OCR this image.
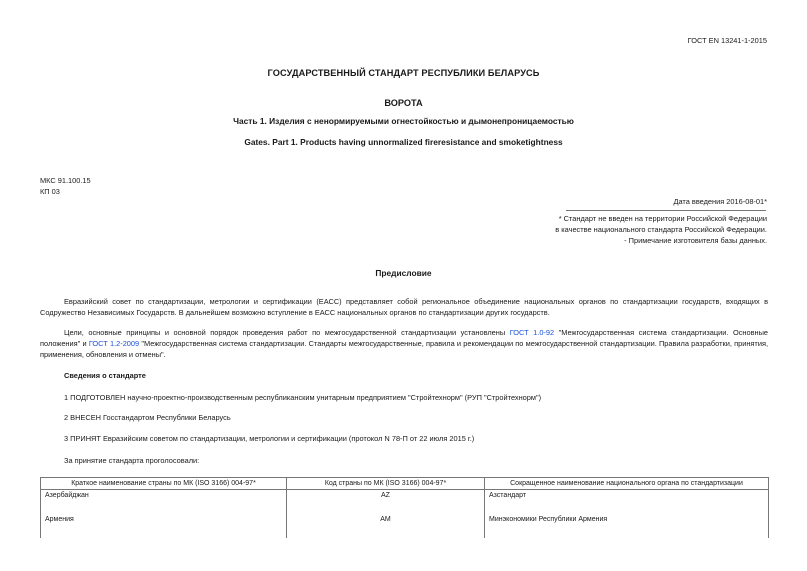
ГОСТ EN 13241-1-2015
ГОСУДАРСТВЕННЫЙ СТАНДАРТ РЕСПУБЛИКИ БЕЛАРУСЬ
ВОРОТА
Часть 1. Изделия с ненормируемыми огнестойкостью и дымонепроницаемостью
Gates. Part 1. Products having unnormalized fireresistance and smoketightness
МКС 91.100.15
КП 03
Дата введения 2016-08-01*
* Стандарт не введен на территории Российской Федерации
в качестве национального стандарта Российской Федерации.
- Примечание изготовителя базы данных.
Предисловие
Евразийский совет по стандартизации, метрологии и сертификации (ЕАСС) представляет собой региональное объединение национальных органов по стандартизации государств, входящих в Содружество Независимых Государств. В дальнейшем возможно вступление в ЕАСС национальных органов по стандартизации других государств.
Цели, основные принципы и основной порядок проведения работ по межгосударственной стандартизации установлены ГОСТ 1.0-92 "Межгосударственная система стандартизации. Основные положения" и ГОСТ 1.2-2009 "Межгосударственная система стандартизации. Стандарты межгосударственные, правила и рекомендации по межгосударственной стандартизации. Правила разработки, принятия, применения, обновления и отмены".
Сведения о стандарте
1 ПОДГОТОВЛЕН научно-проектно-производственным республиканским унитарным предприятием "Стройтехнорм" (РУП "Стройтехнорм")
2 ВНЕСЕН Госстандартом Республики Беларусь
3 ПРИНЯТ Евразийским советом по стандартизации, метрологии и сертификации (протокол N 78-П от 22 июля 2015 г.)
За принятие стандарта проголосовали:
Краткое наименование страны по МК (ISO 3166) 004-97*	Код страны по МК (ISO 3166) 004-97*	Сокращенное наименование национального органа по стандартизации
Азербайджан	AZ	Азстандарт
Армения	AM	Минэкономики Республики Армения
